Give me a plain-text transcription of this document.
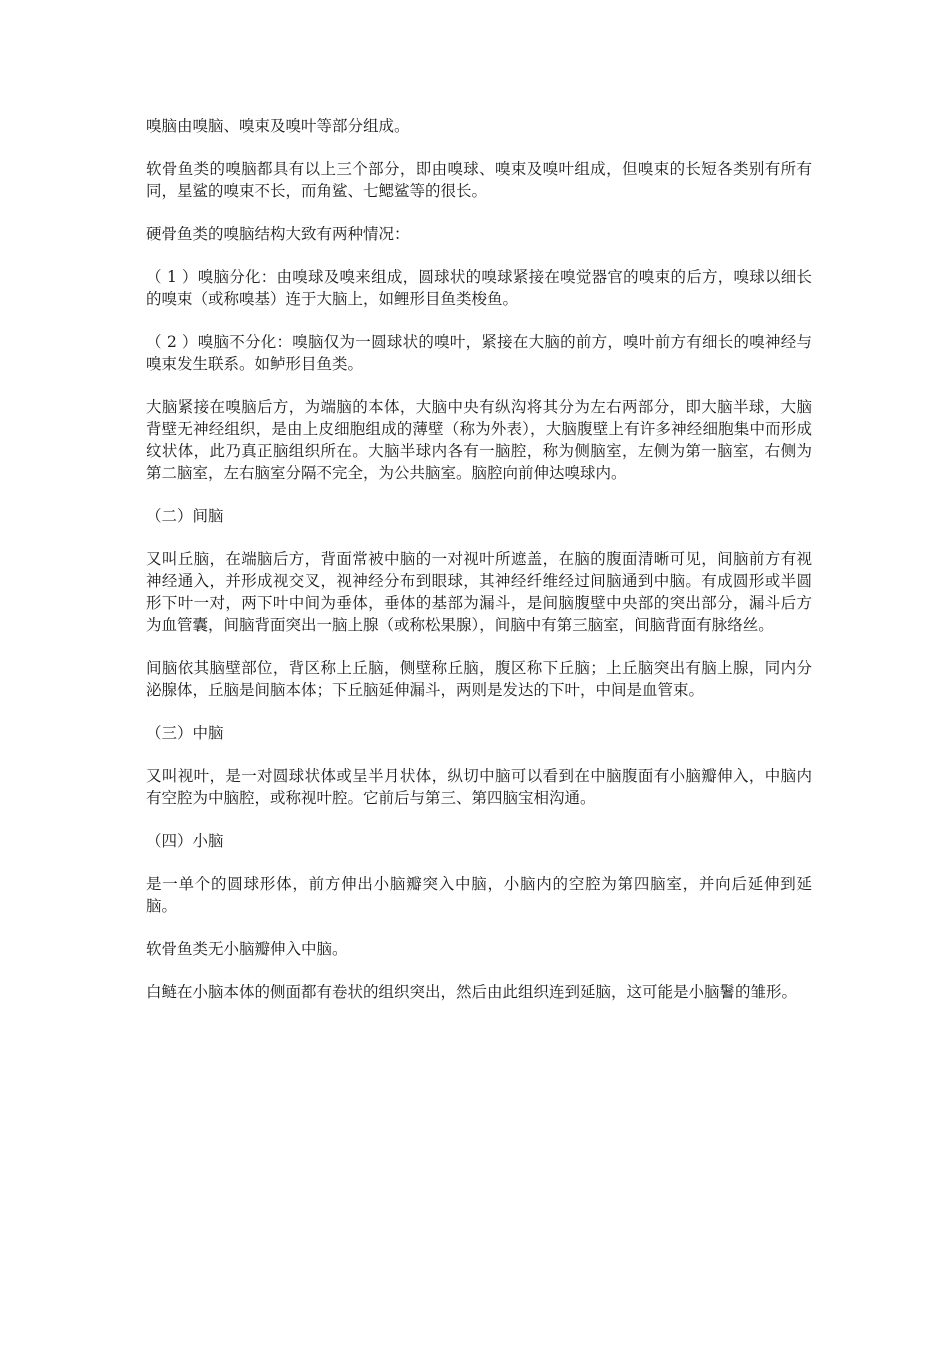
嗅脑由嗅脑、嗅束及嗅叶等部分组成。

软骨鱼类的嗅脑都具有以上三个部分，即由嗅球、嗅束及嗅叶组成，但嗅束的长短各类别有所有同，星鲨的嗅束不长，而角鲨、七鳃鲨等的很长。

硬骨鱼类的嗅脑结构大致有两种情况：

（ 1 ）嗅脑分化：由嗅球及嗅来组成，圆球状的嗅球紧接在嗅觉器官的嗅束的后方，嗅球以细长的嗅束（或称嗅基）连于大脑上，如鲤形目鱼类梭鱼。

（ 2 ）嗅脑不分化：嗅脑仅为一圆球状的嗅叶，紧接在大脑的前方，嗅叶前方有细长的嗅神经与嗅束发生联系。如鲈形目鱼类。

大脑紧接在嗅脑后方，为端脑的本体，大脑中央有纵沟将其分为左右两部分，即大脑半球，大脑背壁无神经组织，是由上皮细胞组成的薄壁（称为外表），大脑腹壁上有许多神经细胞集中而形成纹状体，此乃真正脑组织所在。大脑半球内各有一脑腔，称为侧脑室，左侧为第一脑室，右侧为第二脑室，左右脑室分隔不完全，为公共脑室。脑腔向前伸达嗅球内。

（二）间脑

又叫丘脑，在端脑后方，背面常被中脑的一对视叶所遮盖，在脑的腹面清晰可见，间脑前方有视神经通入，并形成视交叉，视神经分布到眼球，其神经纤维经过间脑通到中脑。有成圆形或半圆形下叶一对，两下叶中间为垂体，垂体的基部为漏斗，是间脑腹壁中央部的突出部分，漏斗后方为血管囊，间脑背面突出一脑上腺（或称松果腺），间脑中有第三脑室，间脑背面有脉络丝。

间脑依其脑壁部位，背区称上丘脑，侧壁称丘脑，腹区称下丘脑；上丘脑突出有脑上腺，同内分泌腺体，丘脑是间脑本体；下丘脑延伸漏斗，两则是发达的下叶，中间是血管束。

（三）中脑

又叫视叶，是一对圆球状体或呈半月状体，纵切中脑可以看到在中脑腹面有小脑瓣伸入，中脑内有空腔为中脑腔，或称视叶腔。它前后与第三、第四脑宝相沟通。

（四）小脑

是一单个的圆球形体，前方伸出小脑瓣突入中脑，小脑内的空腔为第四脑室，并向后延伸到延脑。

软骨鱼类无小脑瓣伸入中脑。

白鲢在小脑本体的侧面都有卷状的组织突出，然后由此组织连到延脑，这可能是小脑鬐的雏形。
